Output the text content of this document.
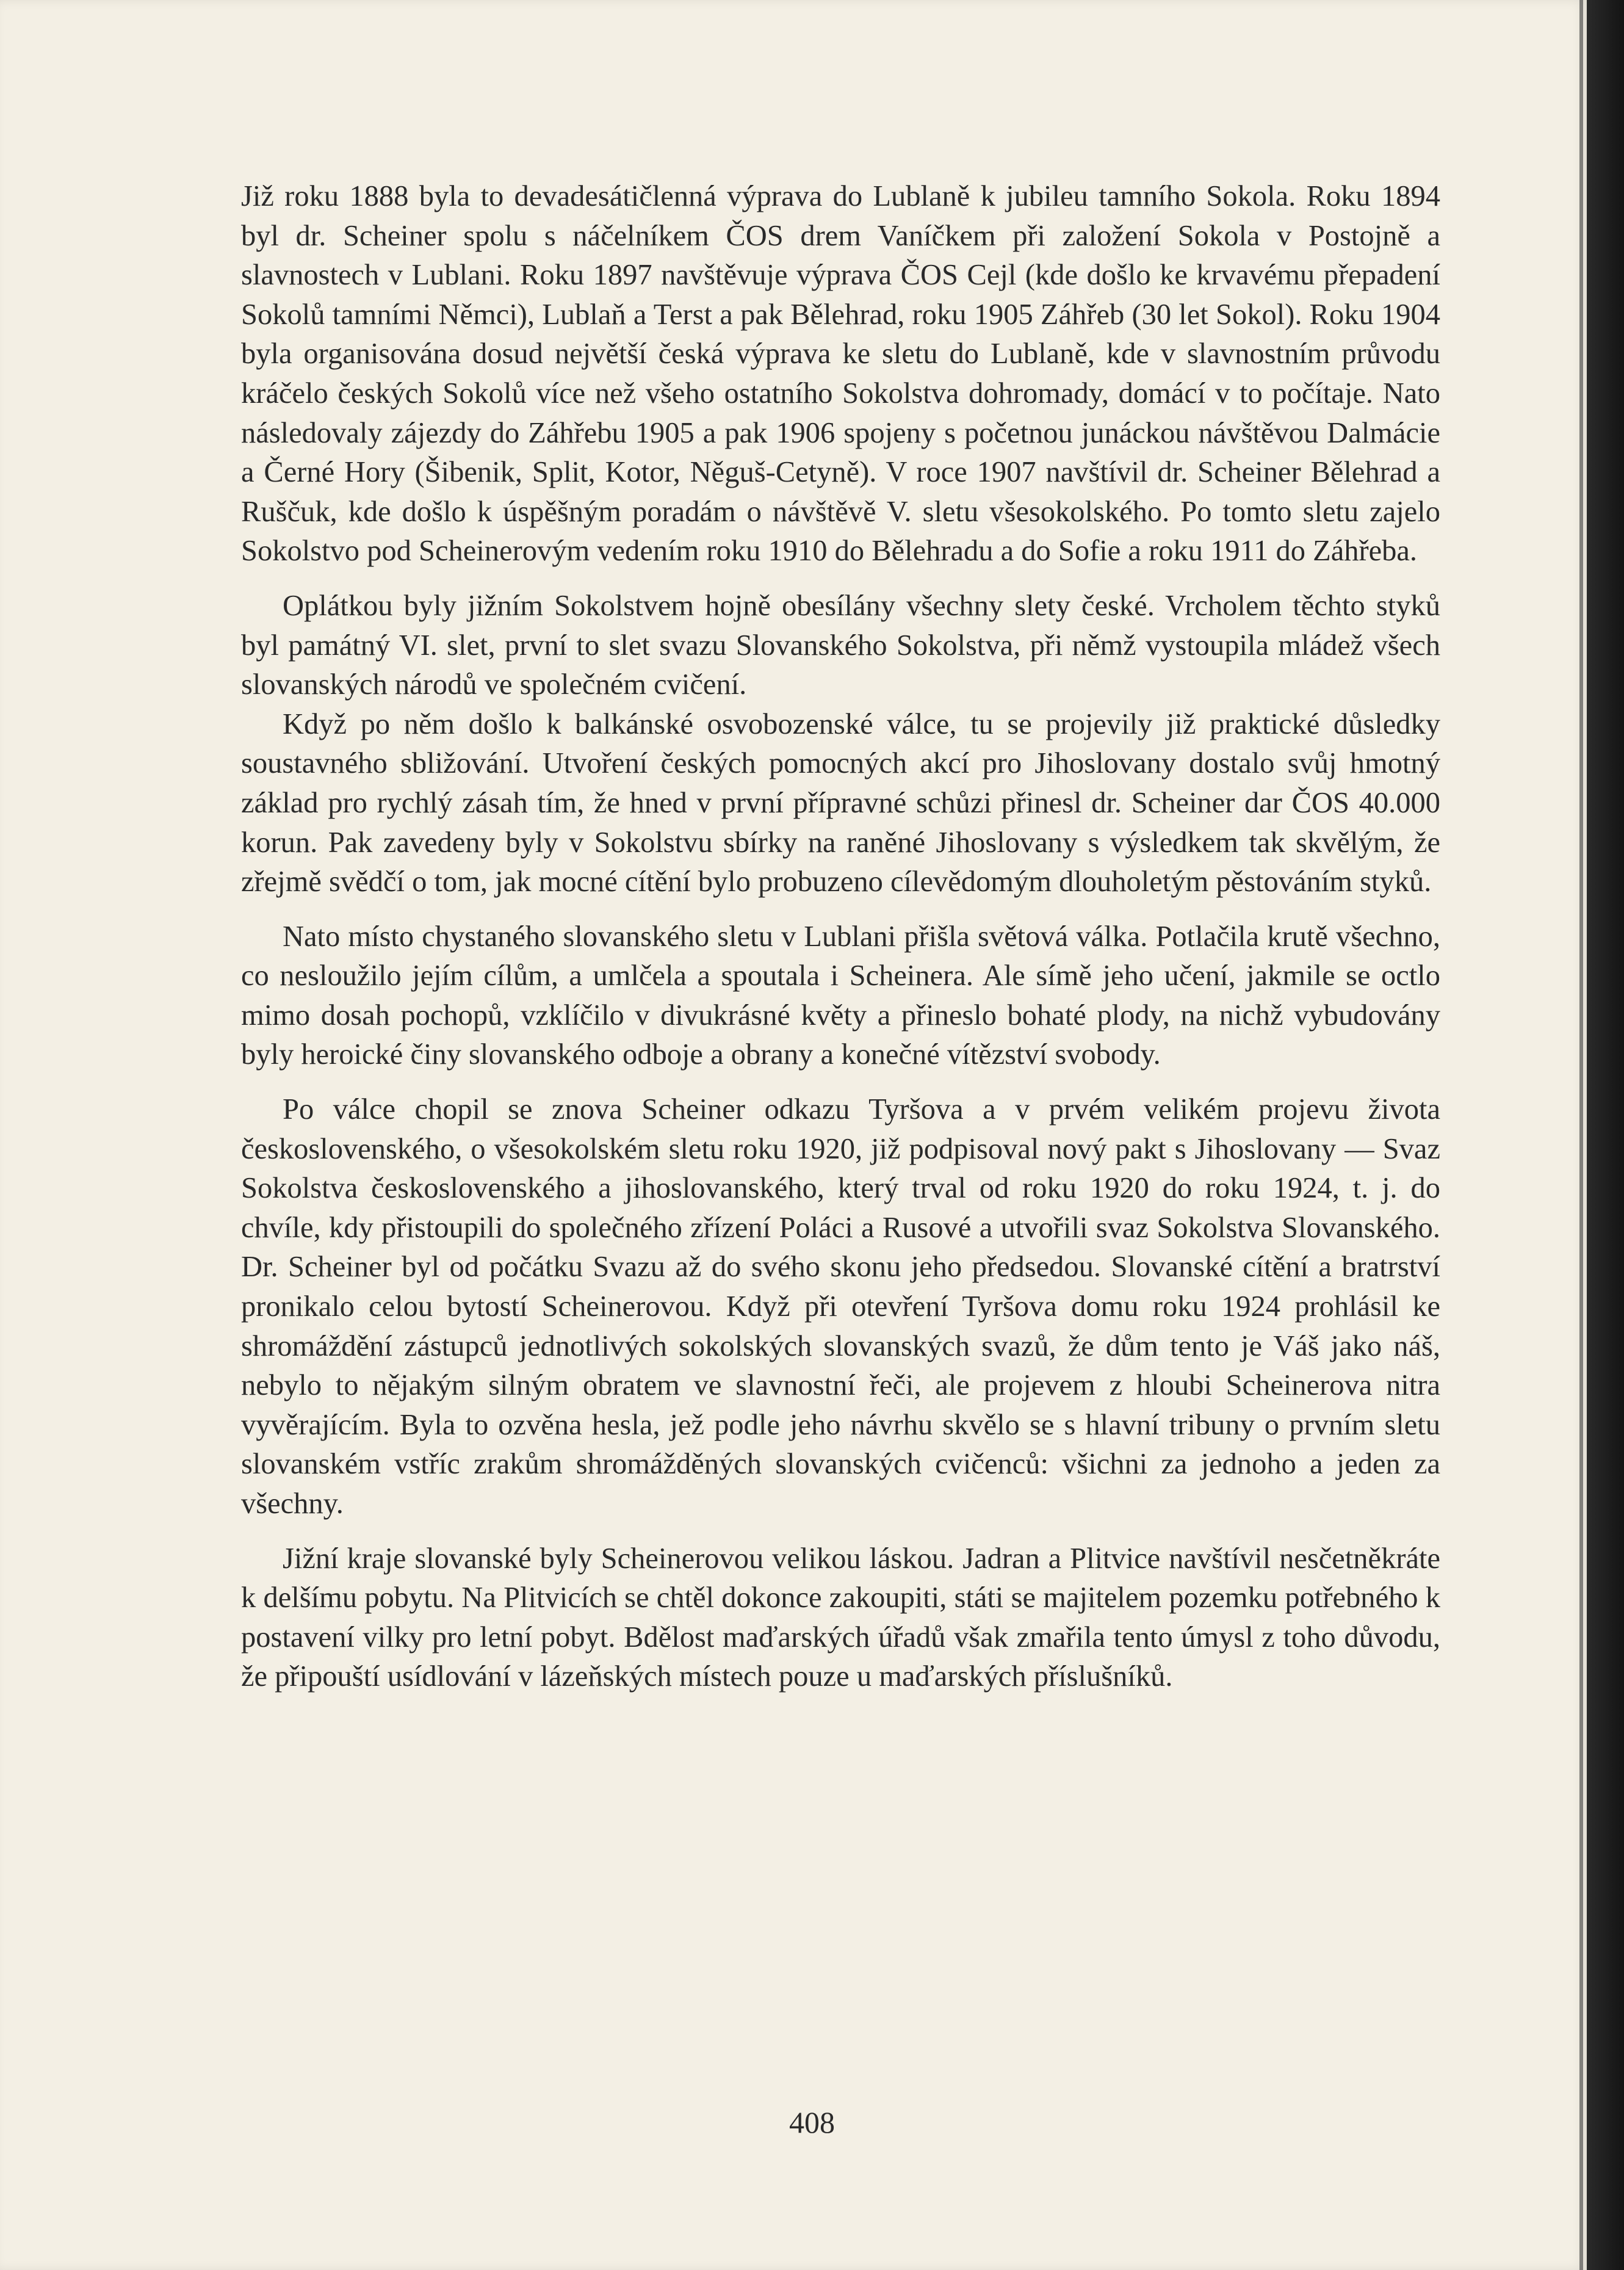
Již roku 1888 byla to devadesátičlenná výprava do Lublaně k jubileu tamního Sokola. Roku 1894 byl dr. Scheiner spolu s náčelníkem ČOS drem Vaníčkem při založení Sokola v Postojně a slavnostech v Lublani. Roku 1897 navštěvuje výprava ČOS Cejl (kde došlo ke krvavému přepadení Sokolů tamními Němci), Lublaň a Terst a pak Bělehrad, roku 1905 Záhřeb (30 let Sokol). Roku 1904 byla organisována dosud největší česká výprava ke sletu do Lublaně, kde v slavnostním průvodu kráčelo českých Sokolů více než všeho ostatního Sokolstva dohromady, domácí v to počítaje. Nato následovaly zájezdy do Záhřebu 1905 a pak 1906 spojeny s početnou junáckou návštěvou Dalmácie a Černé Hory (Šibenik, Split, Kotor, Něguš-Cetyně). V roce 1907 navštívil dr. Scheiner Bělehrad a Ruščuk, kde došlo k úspěšným poradám o návštěvě V. sletu všesokolského. Po tomto sletu zajelo Sokolstvo pod Scheinerovým vedením roku 1910 do Bělehradu a do Sofie a roku 1911 do Záhřeba.

Oplátkou byly jižním Sokolstvem hojně obesílány všechny slety české. Vrcholem těchto styků byl památný VI. slet, první to slet svazu Slovanského Sokolstva, při němž vystoupila mládež všech slovanských národů ve společném cvičení.

Když po něm došlo k balkánské osvobozenské válce, tu se projevily již praktické důsledky soustavného sbližování. Utvoření českých pomocných akcí pro Jihoslovany dostalo svůj hmotný základ pro rychlý zásah tím, že hned v první přípravné schůzi přinesl dr. Scheiner dar ČOS 40.000 korun. Pak zavedeny byly v Sokolstvu sbírky na raněné Jihoslovany s výsledkem tak skvělým, že zřejmě svědčí o tom, jak mocné cítění bylo probuzeno cílevědomým dlouholetým pěstováním styků.

Nato místo chystaného slovanského sletu v Lublani přišla světová válka. Potlačila krutě všechno, co nesloužilo jejím cílům, a umlčela a spoutala i Scheinera. Ale símě jeho učení, jakmile se octlo mimo dosah pochopů, vzklíčilo v divukrásné květy a přineslo bohaté plody, na nichž vybudovány byly heroické činy slovanského odboje a obrany a konečné vítězství svobody.

Po válce chopil se znova Scheiner odkazu Tyršova a v prvém velikém projevu života československého, o všesokolském sletu roku 1920, již podpisoval nový pakt s Jihoslovany — Svaz Sokolstva československého a jihoslovanského, který trval od roku 1920 do roku 1924, t. j. do chvíle, kdy přistoupili do společného zřízení Poláci a Rusové a utvořili svaz Sokolstva Slovanského. Dr. Scheiner byl od počátku Svazu až do svého skonu jeho předsedou. Slovanské cítění a bratrství pronikalo celou bytostí Scheinerovou. Když při otevření Tyršova domu roku 1924 prohlásil ke shromáždění zástupců jednotlivých sokolských slovanských svazů, že dům tento je Váš jako náš, nebylo to nějakým silným obratem ve slavnostní řeči, ale projevem z hloubi Scheinerova nitra vyvěrajícím. Byla to ozvěna hesla, jež podle jeho návrhu skvělo se s hlavní tribuny o prvním sletu slovanském vstříc zrakům shromážděných slovanských cvičenců: všichni za jednoho a jeden za všechny.

Jižní kraje slovanské byly Scheinerovou velikou láskou. Jadran a Plitvice navštívil nesčetněkráte k delšímu pobytu. Na Plitvicích se chtěl dokonce zakoupiti, státi se majitelem pozemku potřebného k postavení vilky pro letní pobyt. Bdělost maďarských úřadů však zmařila tento úmysl z toho důvodu, že připouští usídlování v lázeňských místech pouze u maďarských příslušníků.

408
